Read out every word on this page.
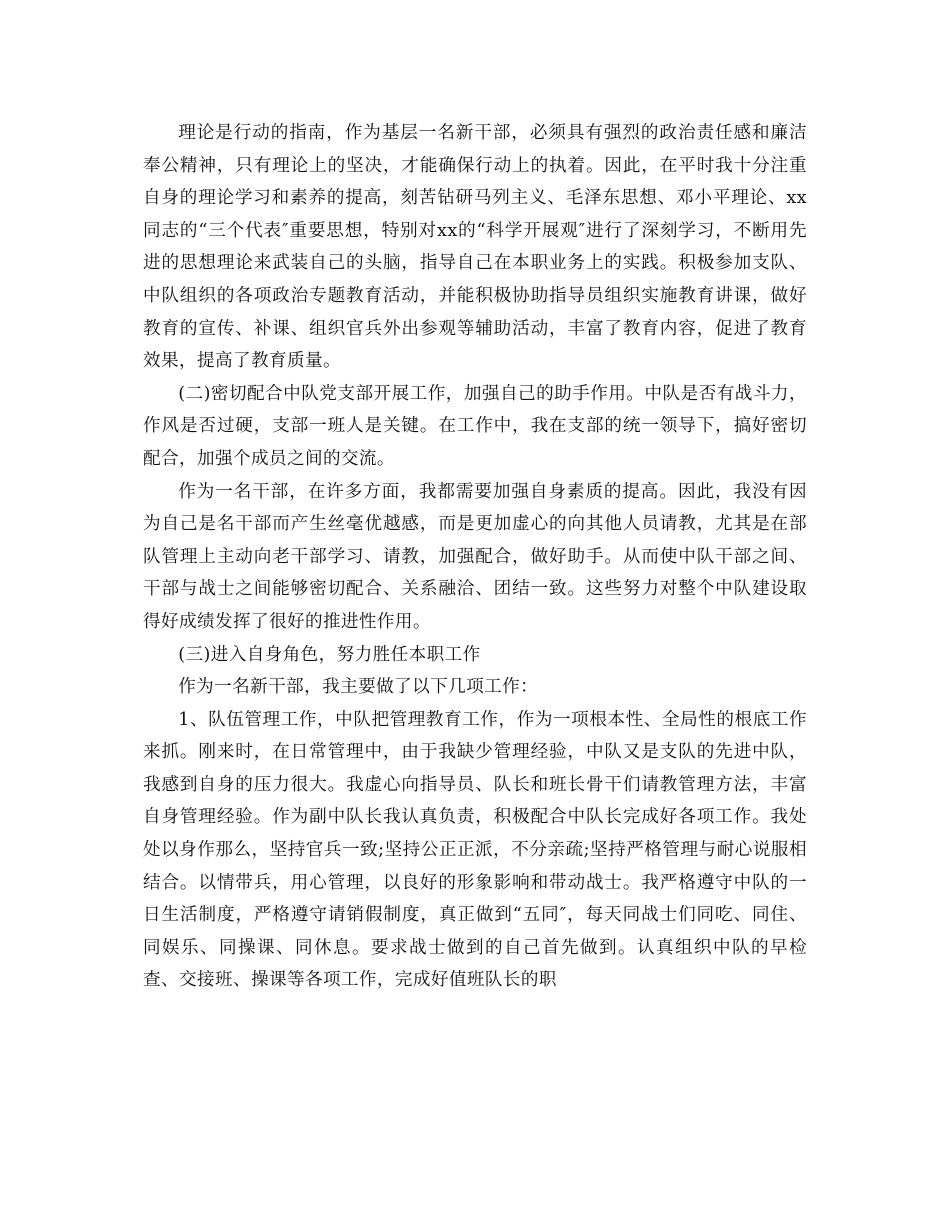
理论是行动的指南，作为基层一名新干部，必须具有强烈的政治责任感和廉洁奉公精神，只有理论上的坚决，才能确保行动上的执着。因此，在平时我十分注重自身的理论学习和素养的提高，刻苦钻研马列主义、毛泽东思想、邓小平理论、xx同志的“三个代表″重要思想，特别对xx的“科学开展观″进行了深刻学习，不断用先进的思想理论来武装自己的头脑，指导自己在本职业务上的实践。积极参加支队、中队组织的各项政治专题教育活动，并能积极协助指导员组织实施教育讲课，做好教育的宣传、补课、组织官兵外出参观等辅助活动，丰富了教育内容，促进了教育效果，提高了教育质量。

(二)密切配合中队党支部开展工作，加强自己的助手作用。中队是否有战斗力，作风是否过硬，支部一班人是关键。在工作中，我在支部的统一领导下，搞好密切配合，加强个成员之间的交流。

作为一名干部，在许多方面，我都需要加强自身素质的提高。因此，我没有因为自己是名干部而产生丝毫优越感，而是更加虚心的向其他人员请教，尤其是在部队管理上主动向老干部学习、请教，加强配合，做好助手。从而使中队干部之间、干部与战士之间能够密切配合、关系融洽、团结一致。这些努力对整个中队建设取得好成绩发挥了很好的推进性作用。

(三)进入自身角色，努力胜任本职工作

作为一名新干部，我主要做了以下几项工作：

1、队伍管理工作，中队把管理教育工作，作为一项根本性、全局性的根底工作来抓。刚来时，在日常管理中，由于我缺少管理经验，中队又是支队的先进中队，我感到自身的压力很大。我虚心向指导员、队长和班长骨干们请教管理方法，丰富自身管理经验。作为副中队长我认真负责，积极配合中队长完成好各项工作。我处处以身作那么，坚持官兵一致;坚持公正正派，不分亲疏;坚持严格管理与耐心说服相结合。以情带兵，用心管理，以良好的形象影响和带动战士。我严格遵守中队的一日生活制度，严格遵守请销假制度，真正做到“五同″，每天同战士们同吃、同住、同娱乐、同操课、同休息。要求战士做到的自己首先做到。认真组织中队的早检查、交接班、操课等各项工作，完成好值班队长的职
